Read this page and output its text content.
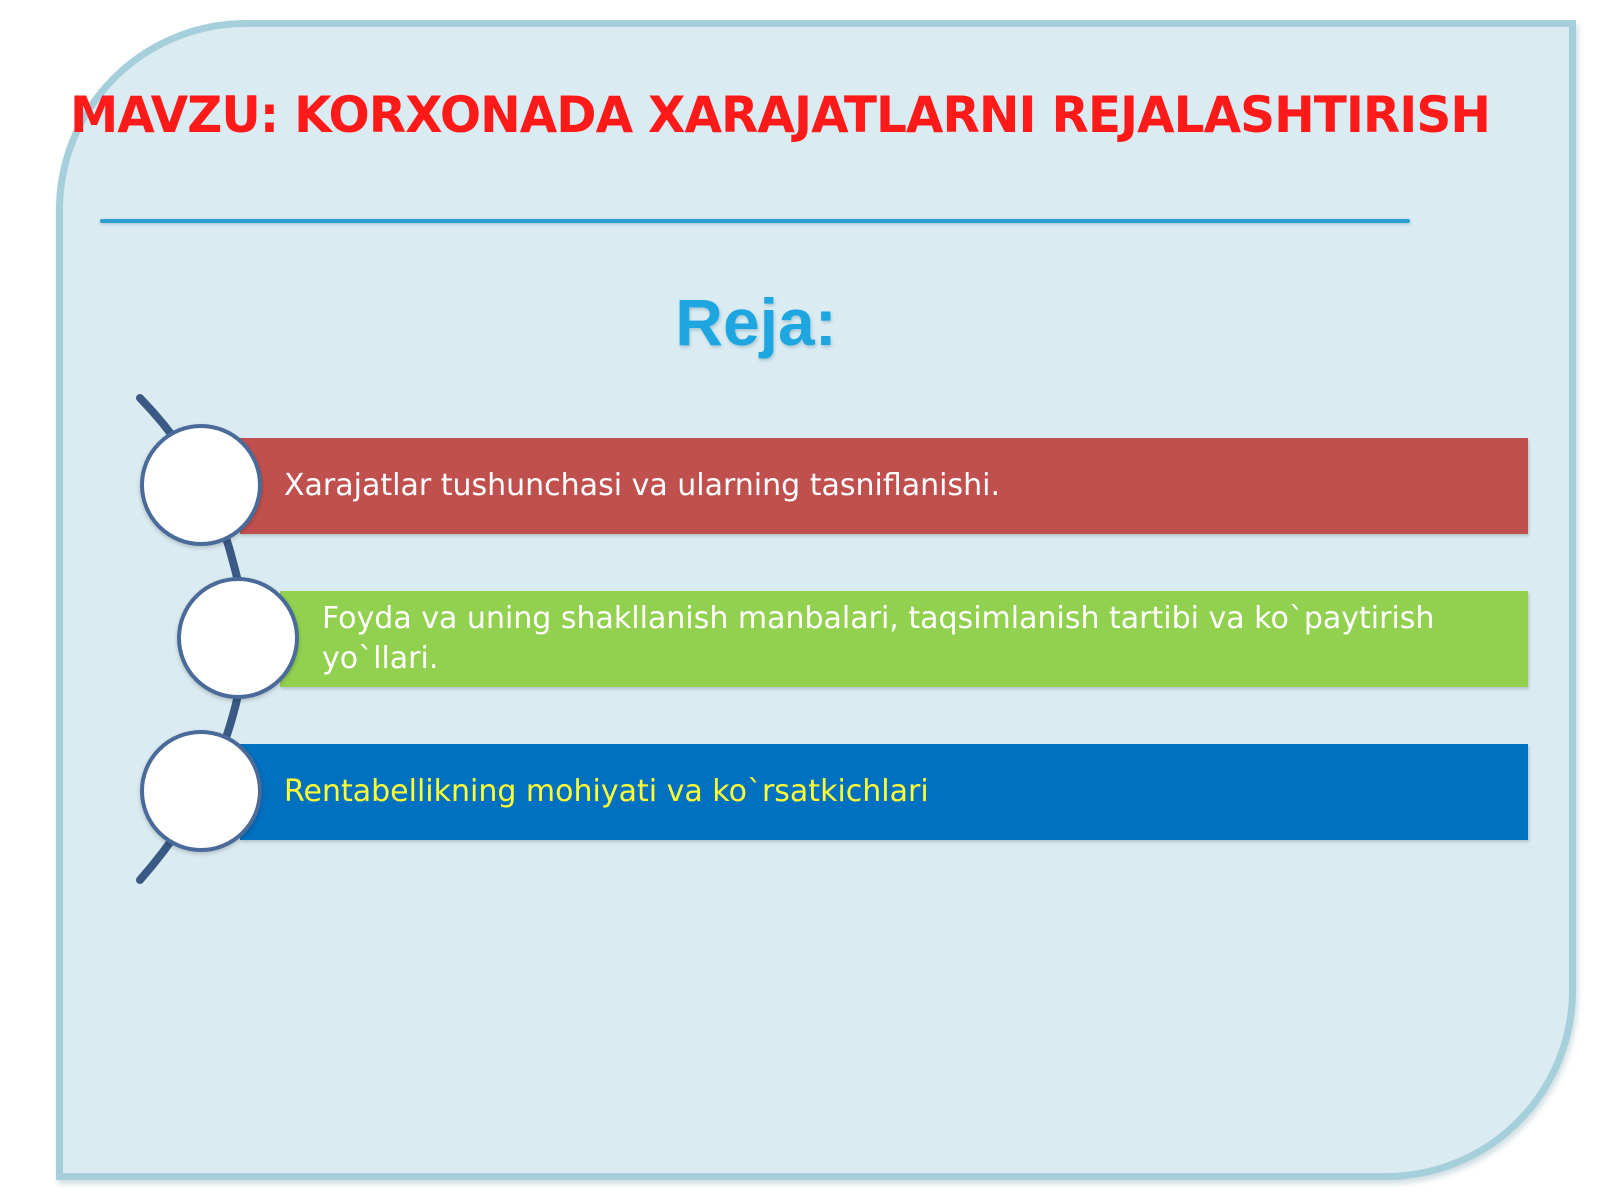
MAVZU: KORXONADA XARAJATLARNI REJALASHTIRISH
Reja:
Xarajatlar tushunchasi va ularning tasniflanishi.
Foyda va uning shakllanish manbalari, taqsimlanish tartibi va ko`paytirish yo`llari.
Rentabellikning mohiyati va ko`rsatkichlari
